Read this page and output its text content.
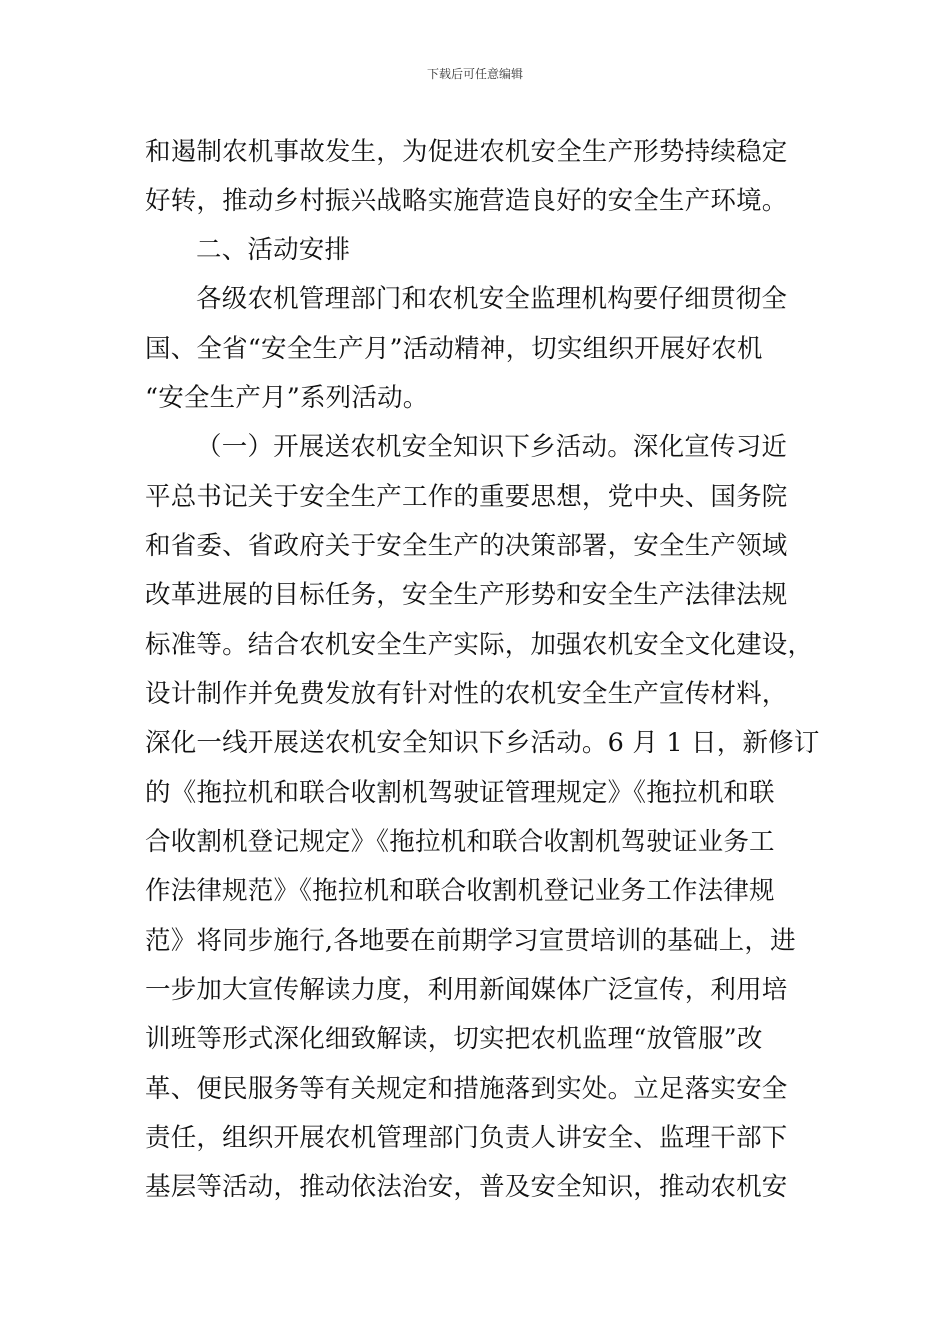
下载后可任意编辑
和遏制农机事故发生，为促进农机安全生产形势持续稳定
好转，推动乡村振兴战略实施营造良好的安全生产环境。
二、活动安排
各级农机管理部门和农机安全监理机构要仔细贯彻全
国、全省“安全生产月”活动精神，切实组织开展好农机
“安全生产月”系列活动。
（一）开展送农机安全知识下乡活动。深化宣传习近
平总书记关于安全生产工作的重要思想，党中央、国务院
和省委、省政府关于安全生产的决策部署，安全生产领域
改革进展的目标任务，安全生产形势和安全生产法律法规
标准等。结合农机安全生产实际，加强农机安全文化建设，
设计制作并免费发放有针对性的农机安全生产宣传材料，
深化一线开展送农机安全知识下乡活动。6 月 1 日，新修订
的《拖拉机和联合收割机驾驶证管理规定》《拖拉机和联
合收割机登记规定》《拖拉机和联合收割机驾驶证业务工
作法律规范》《拖拉机和联合收割机登记业务工作法律规
范》将同步施行,各地要在前期学习宣贯培训的基础上，进
一步加大宣传解读力度，利用新闻媒体广泛宣传，利用培
训班等形式深化细致解读，切实把农机监理“放管服”改
革、便民服务等有关规定和措施落到实处。立足落实安全
责任，组织开展农机管理部门负责人讲安全、监理干部下
基层等活动，推动依法治安，普及安全知识，推动农机安
